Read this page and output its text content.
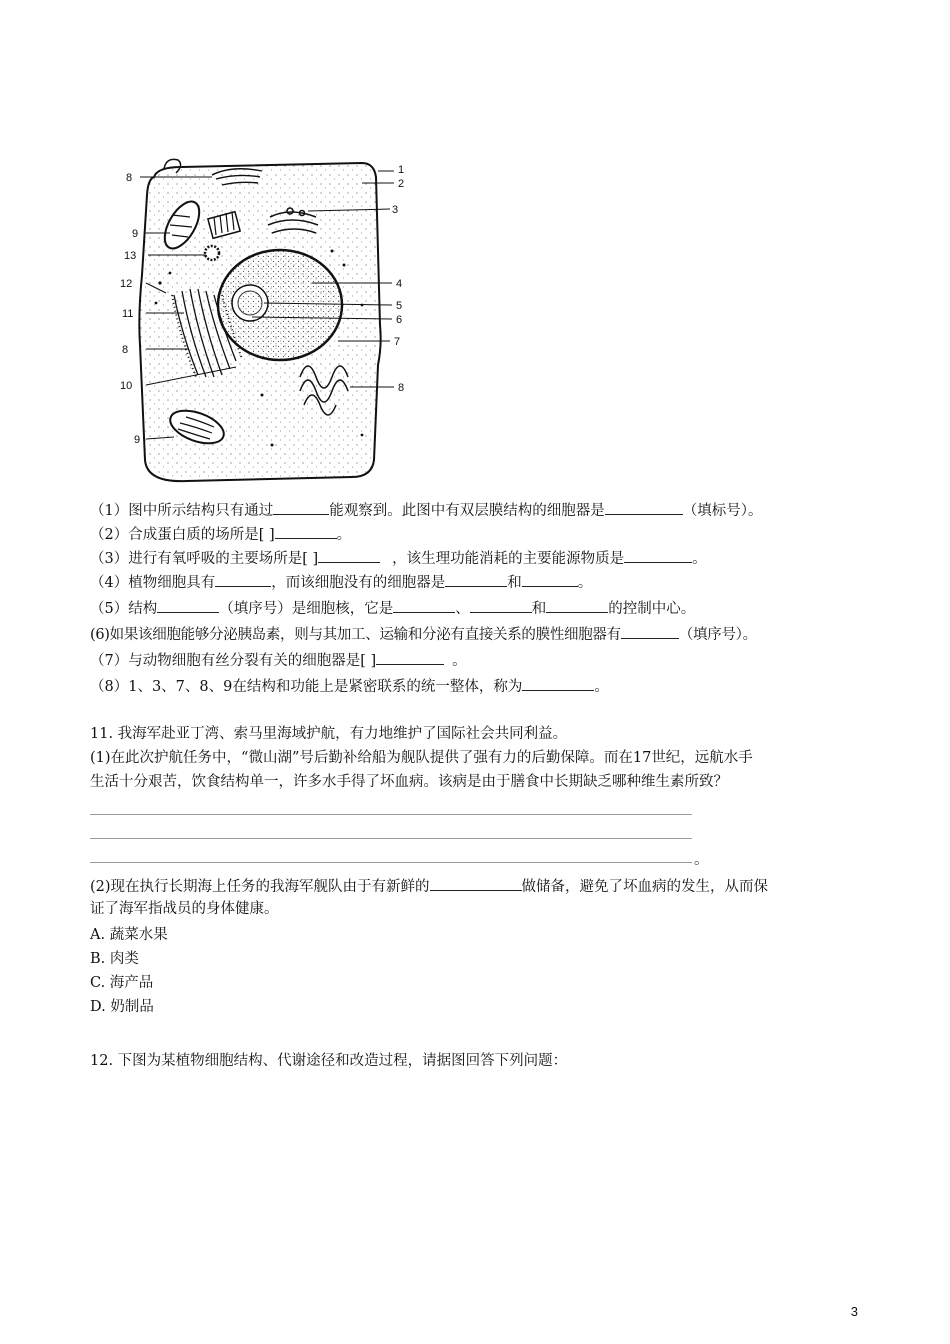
1
2
3
4
5
6
7
8
8
8
9
9
10
11
12
13
（1）图中所示结构只有通过	能观察到。此图中有双层膜结构的细胞器是	（填标号）。
（2）合成蛋白质的场所是[ ]	。
（3）进行有氧呼吸的主要场所是[ ]	，该生理功能消耗的主要能源物质是	。
（4）植物细胞具有	，而该细胞没有的细胞器是	和	。
（5）结构	（填序号）是细胞核，它是	、	和	的控制中心。
(6)如果该细胞能够分泌胰岛素，则与其加工、运输和分泌有直接关系的膜性细胞器有	（填序号）。
（7）与动物细胞有丝分裂有关的细胞器是[ ]	。
（8）1、3、7、8、9在结构和功能上是紧密联系的统一整体，称为	。
11. 我海军赴亚丁湾、索马里海域护航，有力地维护了国际社会共同利益。
(1)在此次护航任务中，“微山湖”号后勤补给船为舰队提供了强有力的后勤保障。而在17世纪，远航水手
生活十分艰苦，饮食结构单一，许多水手得了坏血病。该病是由于膳食中长期缺乏哪种维生素所致？
。
(2)现在执行长期海上任务的我海军舰队由于有新鲜的	做储备，避免了坏血病的发生，从而保
证了海军指战员的身体健康。
A. 蔬菜水果
B. 肉类
C. 海产品
D. 奶制品
12. 下图为某植物细胞结构、代谢途径和改造过程，请据图回答下列问题：
3
